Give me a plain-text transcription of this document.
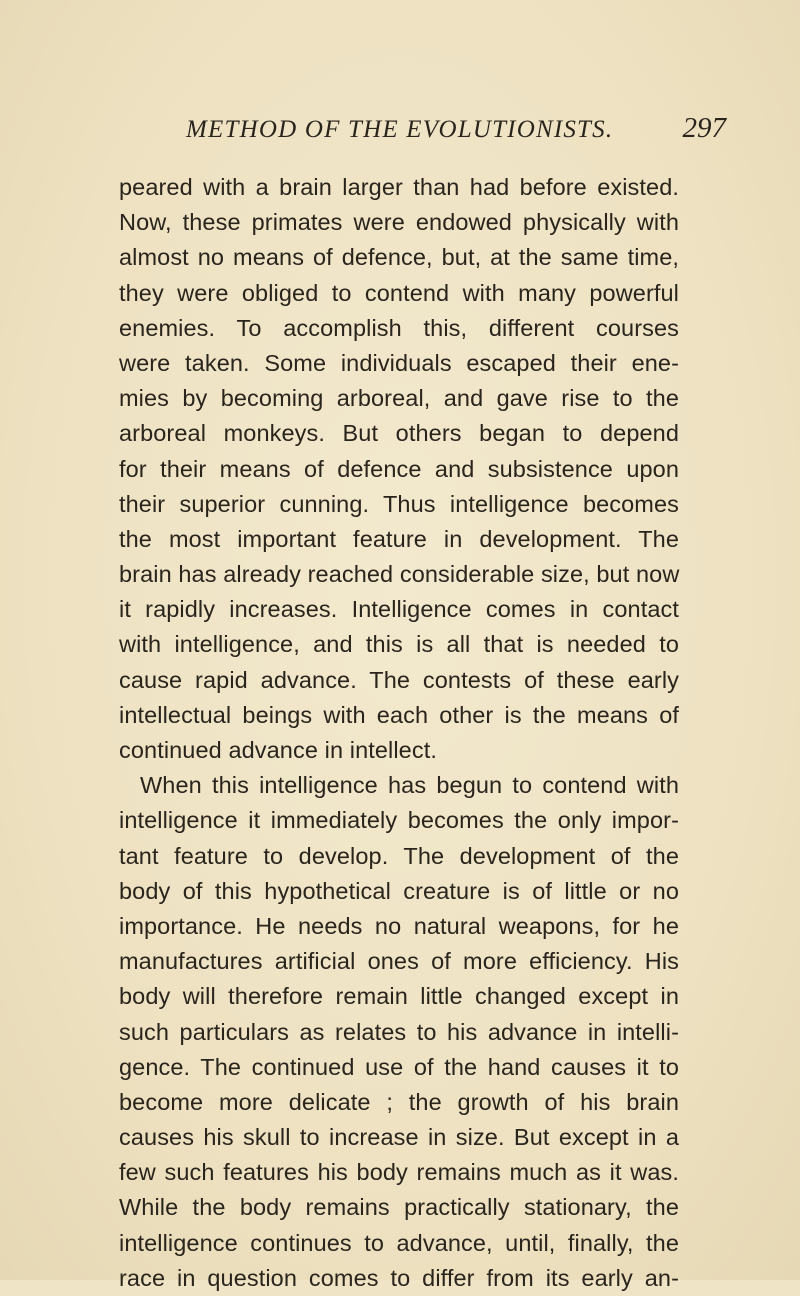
METHOD OF THE EVOLUTIONISTS. 297
peared with a brain larger than had before existed.
Now, these primates were endowed physically with
almost no means of defence, but, at the same time,
they were obliged to contend with many powerful
enemies. To accomplish this, different courses
were taken. Some individuals escaped their ene-
mies by becoming arboreal, and gave rise to the
arboreal monkeys. But others began to depend
for their means of defence and subsistence upon
their superior cunning. Thus intelligence becomes
the most important feature in development. The
brain has already reached considerable size, but now
it rapidly increases. Intelligence comes in contact
with intelligence, and this is all that is needed to
cause rapid advance. The contests of these early
intellectual beings with each other is the means of
continued advance in intellect.
When this intelligence has begun to contend with
intelligence it immediately becomes the only impor-
tant feature to develop. The development of the
body of this hypothetical creature is of little or no
importance. He needs no natural weapons, for he
manufactures artificial ones of more efficiency. His
body will therefore remain little changed except in
such particulars as relates to his advance in intelli-
gence. The continued use of the hand causes it to
become more delicate ; the growth of his brain
causes his skull to increase in size. But except in a
few such features his body remains much as it was.
While the body remains practically stationary, the
intelligence continues to advance, until, finally, the
race in question comes to differ from its early an-
